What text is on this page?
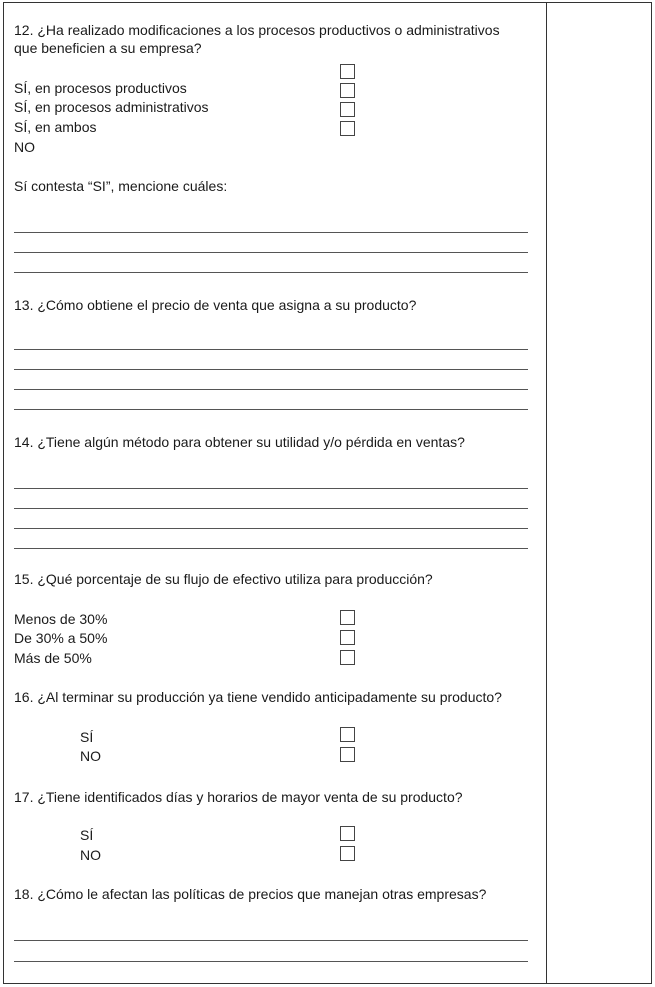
12. ¿Ha realizado modificaciones a los procesos productivos o administrativos
que beneficien a su empresa?
SÍ, en procesos productivos
SÍ, en procesos administrativos
SÍ, en ambos
NO
Sí contesta “SI”, mencione cuáles:
13. ¿Cómo obtiene el precio de venta que asigna a su producto?
14. ¿Tiene algún método para obtener su utilidad y/o pérdida en ventas?
15. ¿Qué porcentaje de su flujo de efectivo utiliza para producción?
Menos de 30%
De 30% a 50%
Más de 50%
16. ¿Al terminar su producción ya tiene vendido anticipadamente su producto?
SÍ
NO
17. ¿Tiene identificados días y horarios de mayor venta de su producto?
SÍ
NO
18. ¿Cómo le afectan las políticas de precios que manejan otras empresas?
